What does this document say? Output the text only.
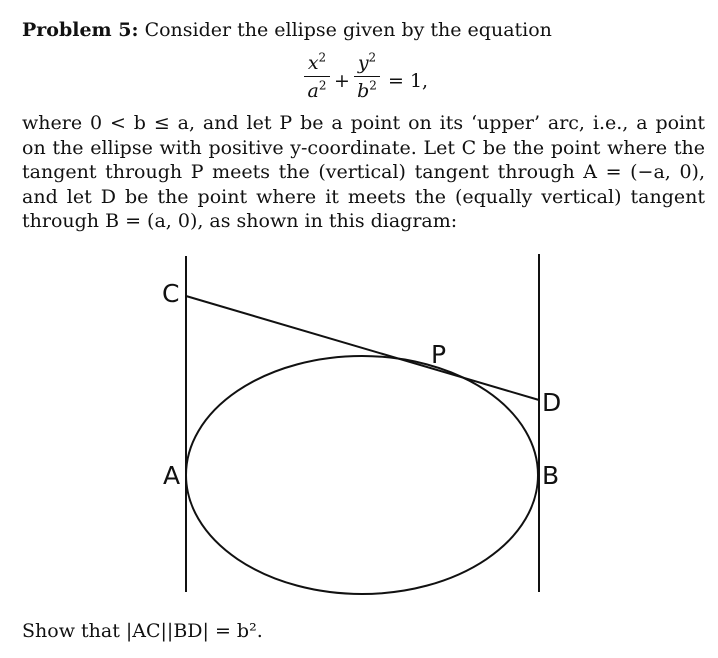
Problem 5: Consider the ellipse given by the equation
$x^2$
$a^2$ +
$y^2$
$b^2 = 1$,
where 0 < b ≤ a, and let P be a point on its ‘upper’ arc, i.e., a point
on the ellipse with positive y-coordinate. Let C be the point where the
tangent through P meets the (vertical) tangent through A = (−a, 0),
and let D be the point where it meets the (equally vertical) tangent
through B = (a, 0), as shown in this diagram:
C
P
D
A	B
Show that |AC||BD| = b².
